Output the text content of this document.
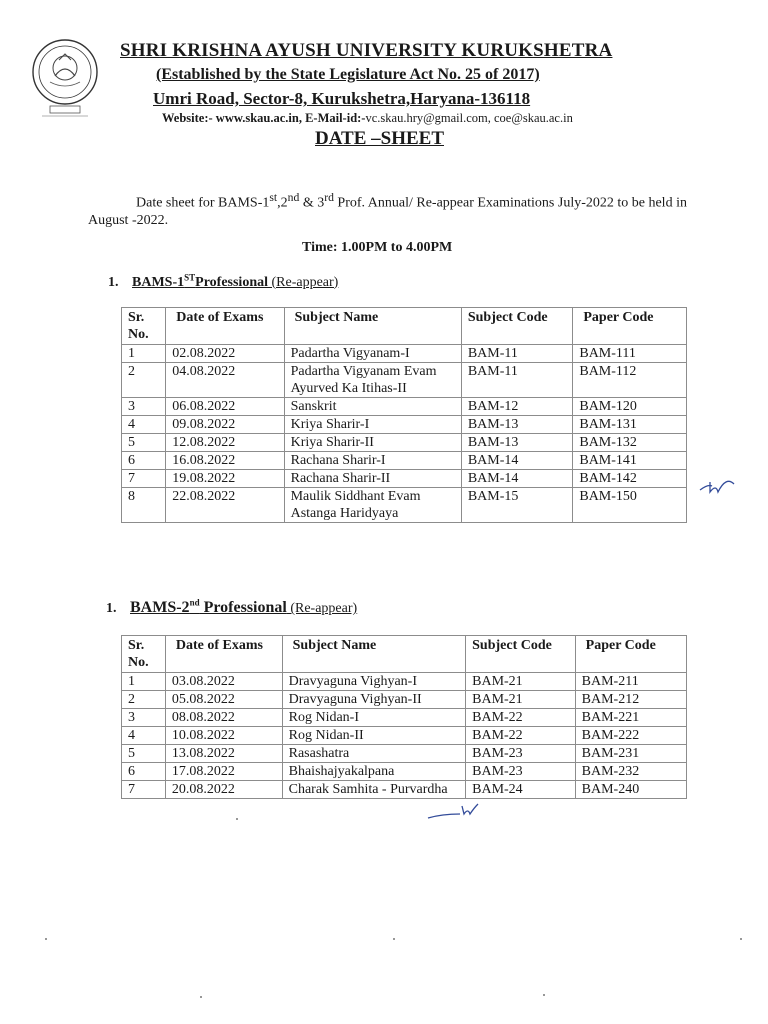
SHRI KRISHNA AYUSH UNIVERSITY KURUKSHETRA
(Established by the State Legislature Act No. 25 of 2017)
Umri Road, Sector-8, Kurukshetra,Haryana-136118
Website:- www.skau.ac.in, E-Mail-id:-vc.skau.hry@gmail.com, coe@skau.ac.in
DATE –SHEET
Date sheet for BAMS-1st,2nd & 3rd Prof. Annual/ Re-appear Examinations July-2022 to be held in August -2022.
Time: 1.00PM to 4.00PM
1. BAMS-1STProfessional (Re-appear)
Sr. No.	Date of Exams	Subject Name	Subject Code	Paper Code
1	02.08.2022	Padartha Vigyanam-I	BAM-11	BAM-111
2	04.08.2022	Padartha Vigyanam Evam Ayurved Ka Itihas-II	BAM-11	BAM-112
3	06.08.2022	Sanskrit	BAM-12	BAM-120
4	09.08.2022	Kriya Sharir-I	BAM-13	BAM-131
5	12.08.2022	Kriya Sharir-II	BAM-13	BAM-132
6	16.08.2022	Rachana Sharir-I	BAM-14	BAM-141
7	19.08.2022	Rachana Sharir-II	BAM-14	BAM-142
8	22.08.2022	Maulik Siddhant Evam Astanga Haridyaya	BAM-15	BAM-150
1. BAMS-2nd Professional (Re-appear)
Sr. No.	Date of Exams	Subject Name	Subject Code	Paper Code
1	03.08.2022	Dravyaguna Vighyan-I	BAM-21	BAM-211
2	05.08.2022	Dravyaguna Vighyan-II	BAM-21	BAM-212
3	08.08.2022	Rog Nidan-I	BAM-22	BAM-221
4	10.08.2022	Rog Nidan-II	BAM-22	BAM-222
5	13.08.2022	Rasashatra	BAM-23	BAM-231
6	17.08.2022	Bhaishajyakalpana	BAM-23	BAM-232
7	20.08.2022	Charak Samhita - Purvardha	BAM-24	BAM-240
